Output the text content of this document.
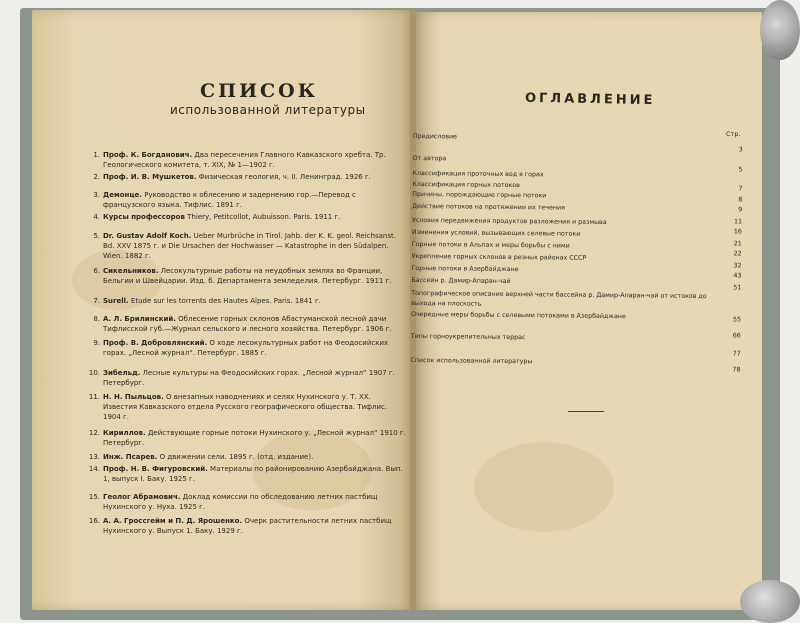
СПИСОК
использованной литературы
1. Проф. К. Богданович. Два пересечения Главного Кавказского хребта. Тр. Геологического комитета, т. XIX, № 1—1902 г.
2. Проф. И. В. Мушкетов. Физическая геология, ч. II. Ленинград. 1926 г.
3. Демонце. Руководство к облесению и задернению гор.—Перевод с французского языка. Тифлис. 1891 г.
4. Курсы профессоров Thiery, Petitcollot, Aubuisson. Paris. 1911 г.
5. Dr. Gustav Adolf Koch. Ueber Murbrüche in Tirol. Jahb. der K. K. geol. Reichsanst. Bd. XXV 1875 г. и Die Ursachen der Hochwasser — Katastrophe in den Südalpen. Wien. 1882 г.
6. Сикельников. Лесокультурные работы на неудобных землях во Франции, Бельгии и Швейцарии. Изд. б. Департамента земледелия. Петербург. 1911 г.
7. Surell. Etude sur les torrents des Hautes Alpes. Paris. 1841 г.
8. А. Л. Брилинский. Облесение горных склонов Абастуманской лесной дачи Тифлисской губ.—Журнал сельского и лесного хозяйства. Петербург. 1906 г.
9. Проф. В. Добровлянский. О ходе лесокультурных работ на Феодосийских горах. „Лесной журнал“. Петербург. 1885 г.
10. Зибельд. Лесные культуры на Феодосийских горах. „Лесной журнал“ 1907 г. Петербург.
11. Н. Н. Пыльцов. О внезапных наводнениях и селях Нухинского у. Т. XX. Известия Кавказского отдела Русского географического общества. Тифлис. 1904 г.
12. Кириллов. Действующие горные потоки Нухинского у. „Лесной журнал“ 1910 г. Петербург.
13. Инж. Псарев. О движении сели. 1895 г. (отд. издание).
14. Проф. Н. В. Фигуровский. Материалы по районированию Азербайджана. Вып. 1, выпуск I. Баку. 1925 г.
15. Геолог Абрамович. Доклад комиссии по обследованию летних пастбищ Нухинского у. Нуха. 1925 г.
16. А. А. Гроссгейм и П. Д. Ярошенко. Очерк растительности летних пастбищ Нухинского у. Выпуск 1. Баку. 1929 г.
ОГЛАВЛЕНИЕ
Стр.
Предисловие
3
От автора
5
Классификация проточных вод в горах
7
Классификация горных потоков
8
Причины, порождающие горные потоки
9
Действие потоков на протяжении их течения
11
Условия передвижения продуктов разложения и размыва
16
Изменения условий, вызывающих селевые потоки
21
Горные потоки в Альпах и меры борьбы с ними
22
Укрепление горных склонов в резных районах СССР
32
Горные потоки в Азербайджане
43
Бассейн р. Дамир-Апаран-чай
51
Топографическое описание верхней части бассейна р. Дамир-Апаран-чай от истоков до выхода на плоскость
Очередные меры борьбы с селевыми потоками в Азербайджане	55
Типы горноукрепительных террас	66
Список использованной литературы
77
78
